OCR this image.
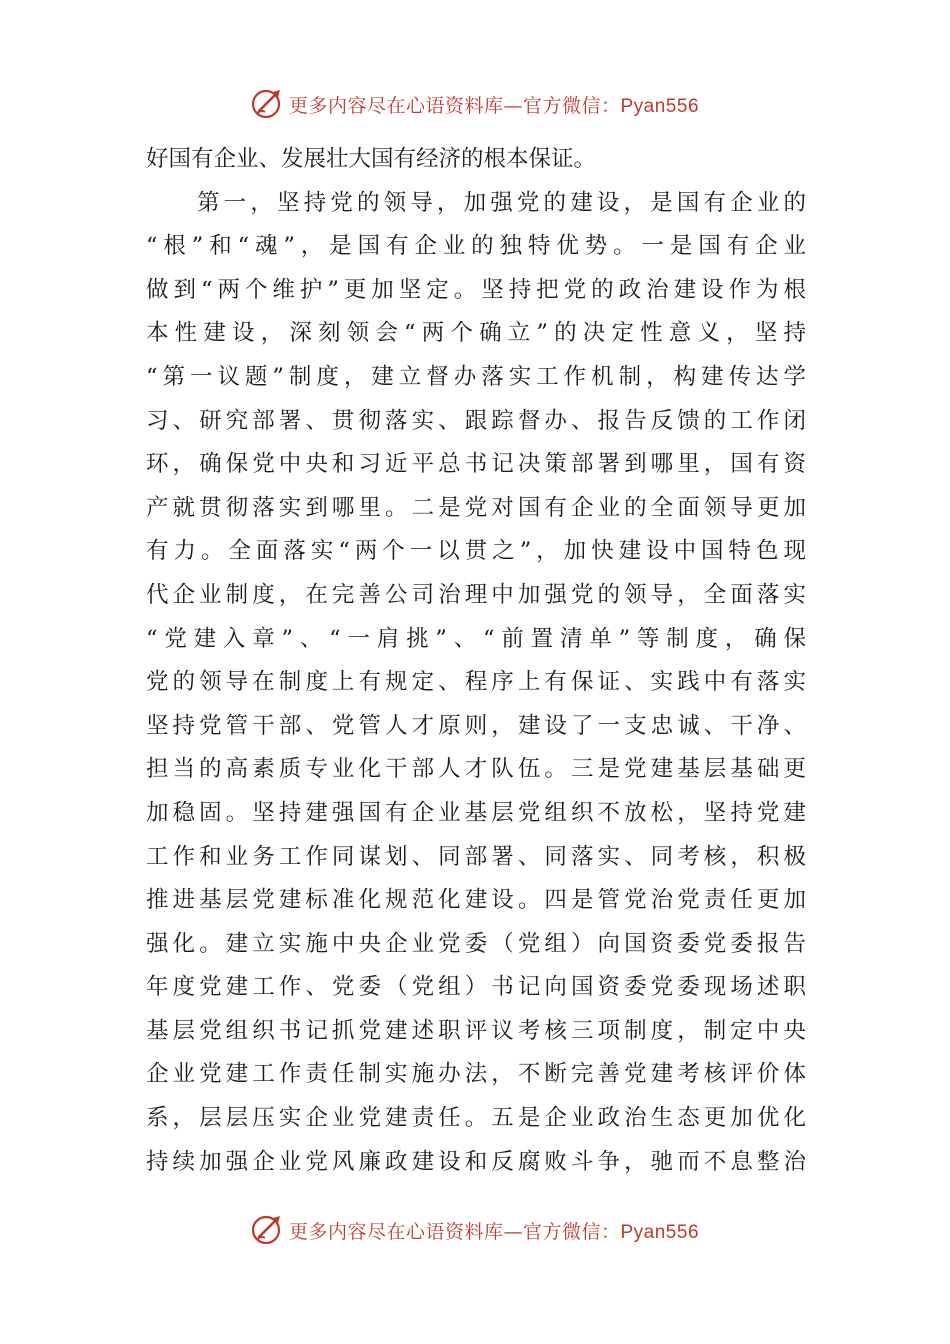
更多内容尽在心语资料库—官方微信：Pyan556
好国有企业、发展壮大国有经济的根本保证。
第一，坚持党的领导，加强党的建设，是国有企业的
“根”和“魂”，是国有企业的独特优势。一是国有企业
做到“两个维护”更加坚定。坚持把党的政治建设作为根
本性建设，深刻领会“两个确立”的决定性意义，坚持
“第一议题”制度，建立督办落实工作机制，构建传达学
习、研究部署、贯彻落实、跟踪督办、报告反馈的工作闭
环，确保党中央和习近平总书记决策部署到哪里，国有资
产就贯彻落实到哪里。二是党对国有企业的全面领导更加
有力。全面落实“两个一以贯之”，加快建设中国特色现
代企业制度，在完善公司治理中加强党的领导，全面落实
“党建入章”、“一肩挑”、“前置清单”等制度，确保
党的领导在制度上有规定、程序上有保证、实践中有落实
坚持党管干部、党管人才原则，建设了一支忠诚、干净、
担当的高素质专业化干部人才队伍。三是党建基层基础更
加稳固。坚持建强国有企业基层党组织不放松，坚持党建
工作和业务工作同谋划、同部署、同落实、同考核，积极
推进基层党建标准化规范化建设。四是管党治党责任更加
强化。建立实施中央企业党委（党组）向国资委党委报告
年度党建工作、党委（党组）书记向国资委党委现场述职
基层党组织书记抓党建述职评议考核三项制度，制定中央
企业党建工作责任制实施办法，不断完善党建考核评价体
系，层层压实企业党建责任。五是企业政治生态更加优化
持续加强企业党风廉政建设和反腐败斗争，驰而不息整治
更多内容尽在心语资料库—官方微信：Pyan556
